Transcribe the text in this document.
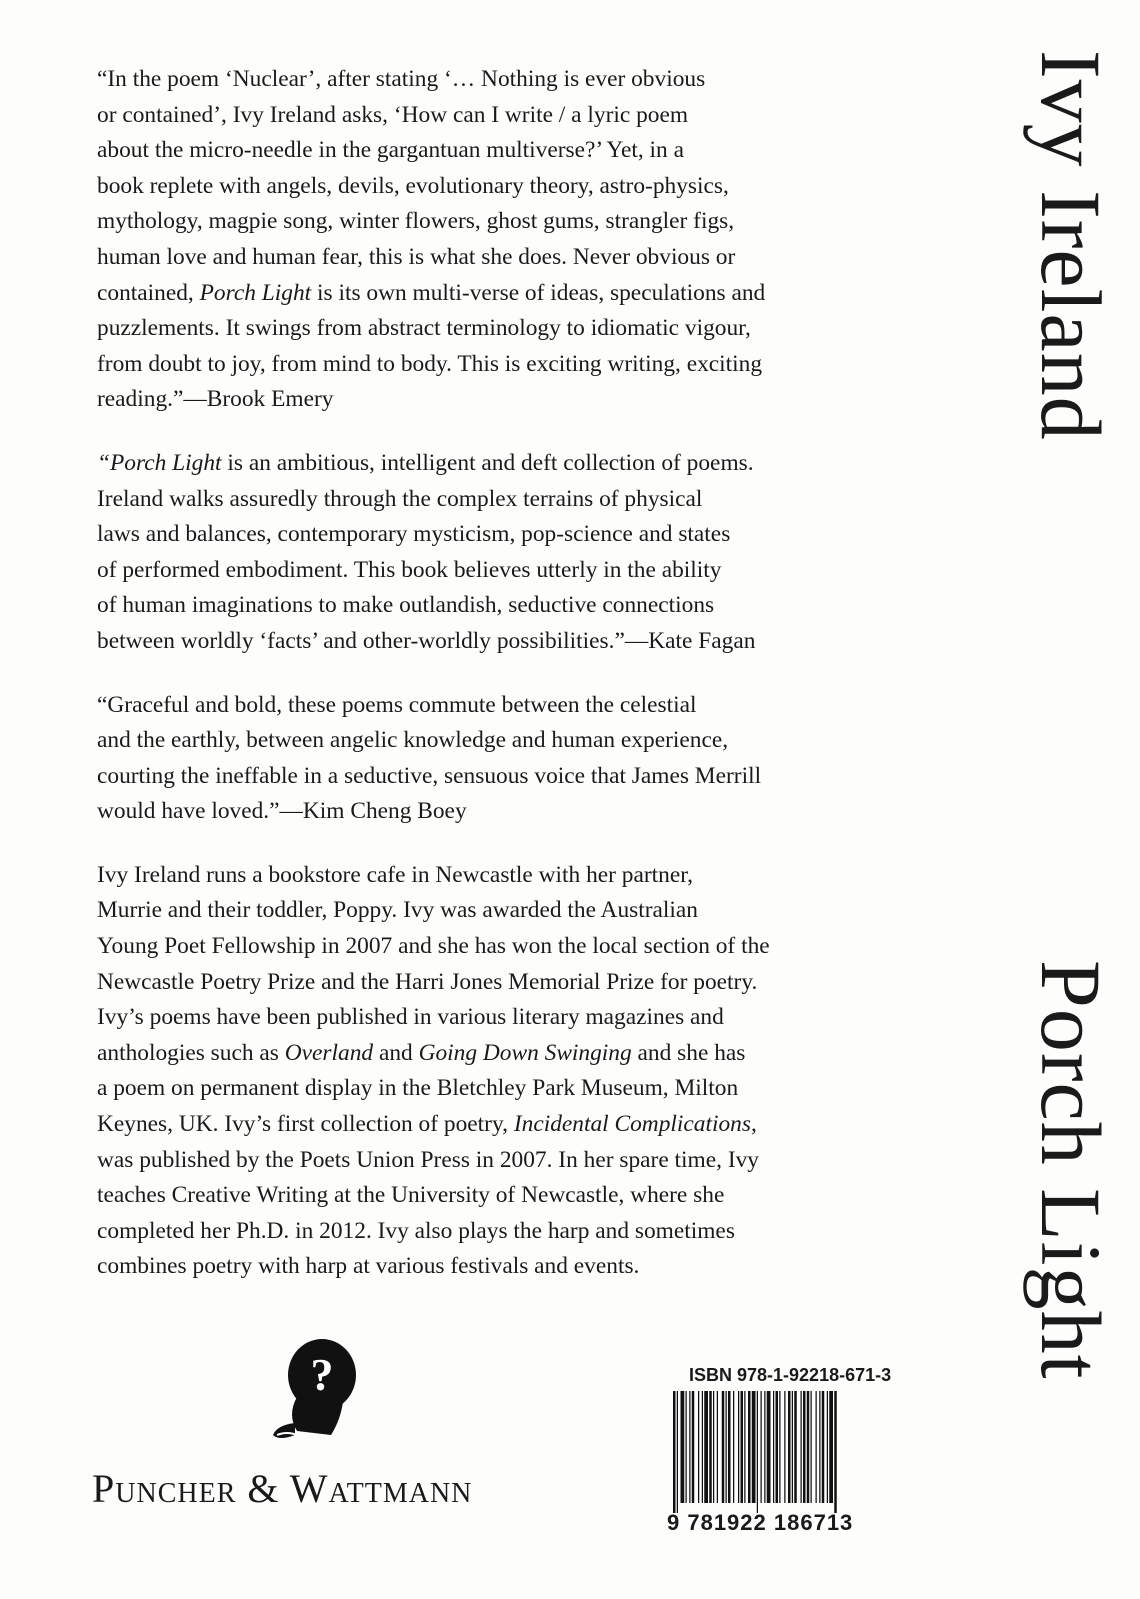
“In the poem ‘Nuclear’, after stating ‘… Nothing is ever obvious
or contained’, Ivy Ireland asks, ‘How can I write / a lyric poem
about the micro-needle in the gargantuan multiverse?’ Yet, in a
book replete with angels, devils, evolutionary theory, astro-physics,
mythology, magpie song, winter flowers, ghost gums, strangler figs,
human love and human fear, this is what she does. Never obvious or
contained, Porch Light is its own multi-verse of ideas, speculations and
puzzlements. It swings from abstract terminology to idiomatic vigour,
from doubt to joy, from mind to body. This is exciting writing, exciting
reading.”—Brook Emery
“Porch Light is an ambitious, intelligent and deft collection of poems.
Ireland walks assuredly through the complex terrains of physical
laws and balances, contemporary mysticism, pop-science and states
of performed embodiment. This book believes utterly in the ability
of human imaginations to make outlandish, seductive connections
between worldly ‘facts’ and other-worldly possibilities.”—Kate Fagan
“Graceful and bold, these poems commute between the celestial
and the earthly, between angelic knowledge and human experience,
courting the ineffable in a seductive, sensuous voice that James Merrill
would have loved.”—Kim Cheng Boey
Ivy Ireland runs a bookstore cafe in Newcastle with her partner,
Murrie and their toddler, Poppy. Ivy was awarded the Australian
Young Poet Fellowship in 2007 and she has won the local section of the
Newcastle Poetry Prize and the Harri Jones Memorial Prize for poetry.
Ivy’s poems have been published in various literary magazines and
anthologies such as Overland and Going Down Swinging and she has
a poem on permanent display in the Bletchley Park Museum, Milton
Keynes, UK. Ivy’s first collection of poetry, Incidental Complications,
was published by the Poets Union Press in 2007. In her spare time, Ivy
teaches Creative Writing at the University of Newcastle, where she
completed her Ph.D. in 2012. Ivy also plays the harp and sometimes
combines poetry with harp at various festivals and events.
Ivy Ireland
Porch Light
?
Puncher & Wattmann
ISBN 978-1-92218-671-3
9 781922 186713
